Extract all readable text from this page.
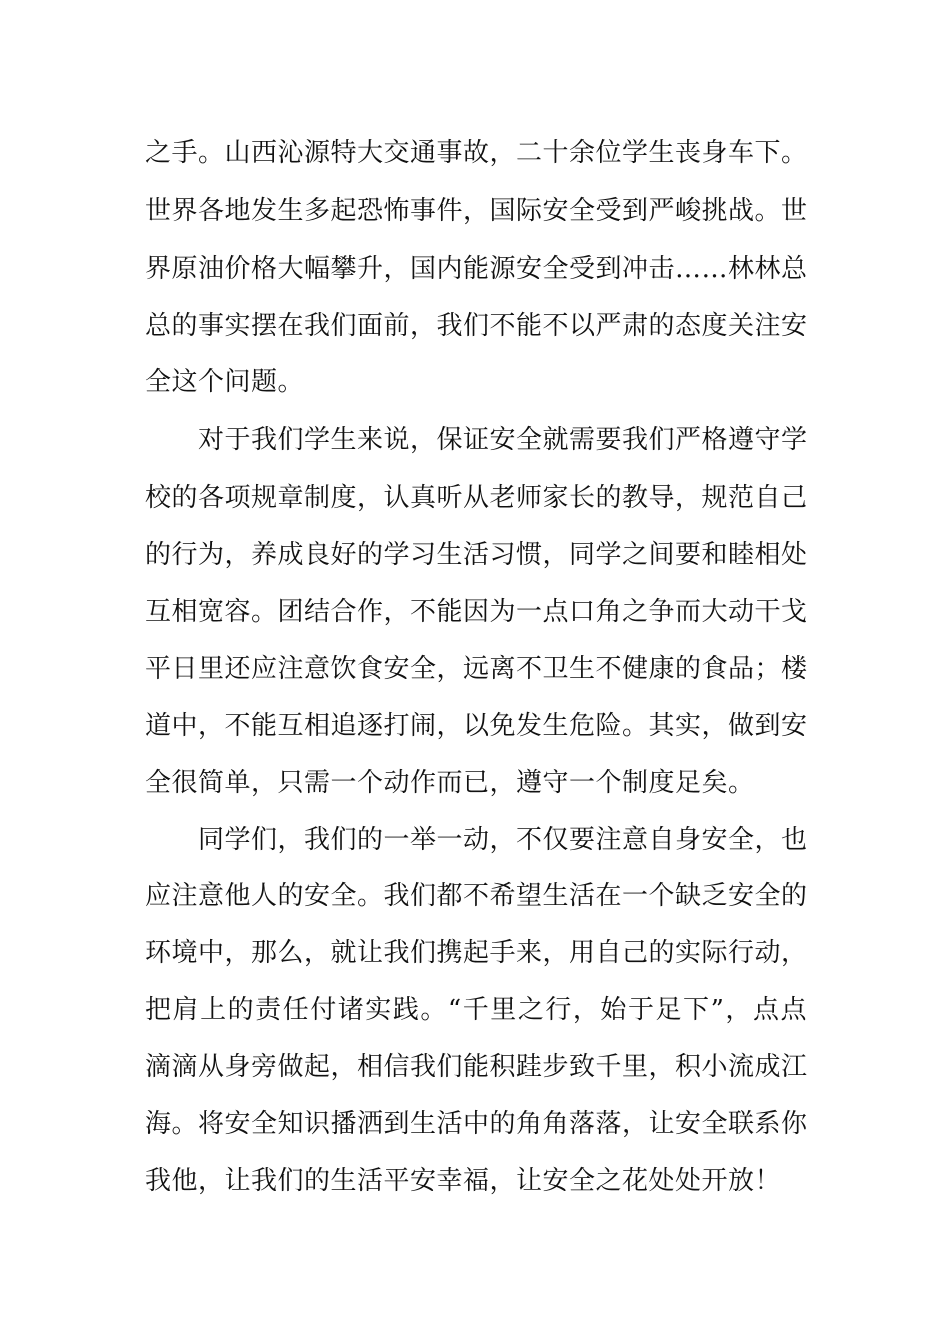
之手。山西沁源特大交通事故，二十余位学生丧身车下。
世界各地发生多起恐怖事件，国际安全受到严峻挑战。世
界原油价格大幅攀升，国内能源安全受到冲击……林林总
总的事实摆在我们面前，我们不能不以严肃的态度关注安
全这个问题。
对于我们学生来说，保证安全就需要我们严格遵守学
校的各项规章制度，认真听从老师家长的教导，规范自己
的行为，养成良好的学习生活习惯，同学之间要和睦相处
互相宽容。团结合作，不能因为一点口角之争而大动干戈
平日里还应注意饮食安全，远离不卫生不健康的食品；楼
道中，不能互相追逐打闹，以免发生危险。其实，做到安
全很简单，只需一个动作而已，遵守一个制度足矣。
同学们，我们的一举一动，不仅要注意自身安全，也
应注意他人的安全。我们都不希望生活在一个缺乏安全的
环境中，那么，就让我们携起手来，用自己的实际行动，
把肩上的责任付诸实践。“千里之行，始于足下”，点点
滴滴从身旁做起，相信我们能积跬步致千里，积小流成江
海。将安全知识播洒到生活中的角角落落，让安全联系你
我他，让我们的生活平安幸福，让安全之花处处开放！
